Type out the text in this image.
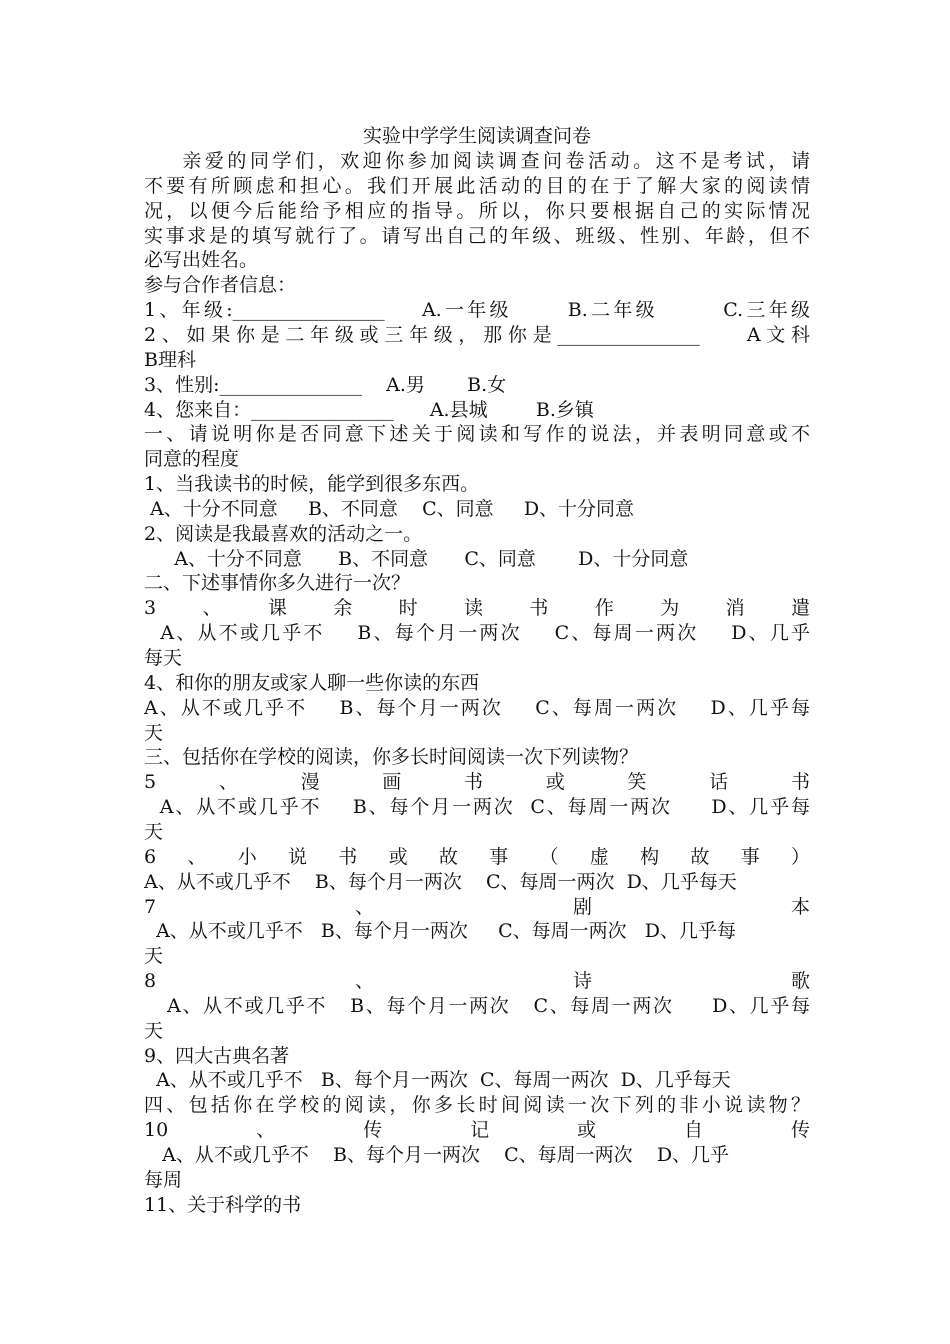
实验中学学生阅读调查问卷
亲爱的同学们，欢迎你参加阅读调查问卷活动。这不是考试，请
不要有所顾虑和担心。我们开展此活动的目的在于了解大家的阅读情
况，以便今后能给予相应的指导。所以，你只要根据自己的实际情况
实事求是的填写就行了。请写出自己的年级、班级、性别、年龄，但不
必写出姓名。
参与合作者信息：
1、年级:________________    A.一年级      B.二年级       C.三年级
2、如果你是二年级或三年级，那你是_______________    A文科
B理科
3、性别:_______________    A.男       B.女
4、您来自：_______________      A.县城        B.乡镇
一、请说明你是否同意下述关于阅读和写作的说法，并表明同意或不
同意的程度
1、当我读书的时候，能学到很多东西。
A、十分不同意     B、不同意    C、同意     D、十分同意
2、阅读是我最喜欢的活动之一。
A、十分不同意      B、不同意      C、同意       D、十分同意
二、下述事情你多久进行一次？
3、课余时读书作为消遣
A、从不或几乎不    B、每个月一两次    C、每周一两次    D、几乎
每天
4、和你的朋友或家人聊一些你读的东西
A、从不或几乎不    B、每个月一两次    C、每周一两次    D、几乎每
天
三、包括你在学校的阅读，你多长时间阅读一次下列读物？
5、漫画书或笑话书
A、从不或几乎不    B、每个月一两次  C、每周一两次     D、几乎每
天
6、小说书或故事（虚构故事）
A、从不或几乎不    B、每个月一两次    C、每周一两次  D、几乎每天
7、剧本
A、从不或几乎不   B、每个月一两次     C、每周一两次   D、几乎每
天
8、诗歌
A、从不或几乎不   B、每个月一两次   C、每周一两次     D、几乎每
天
9、四大古典名著
A、从不或几乎不   B、每个月一两次  C、每周一两次  D、几乎每天
四、包括你在学校的阅读，你多长时间阅读一次下列的非小说读物？
10、传记或自传
A、从不或几乎不    B、每个月一两次    C、每周一两次    D、几乎
每周
11、关于科学的书
